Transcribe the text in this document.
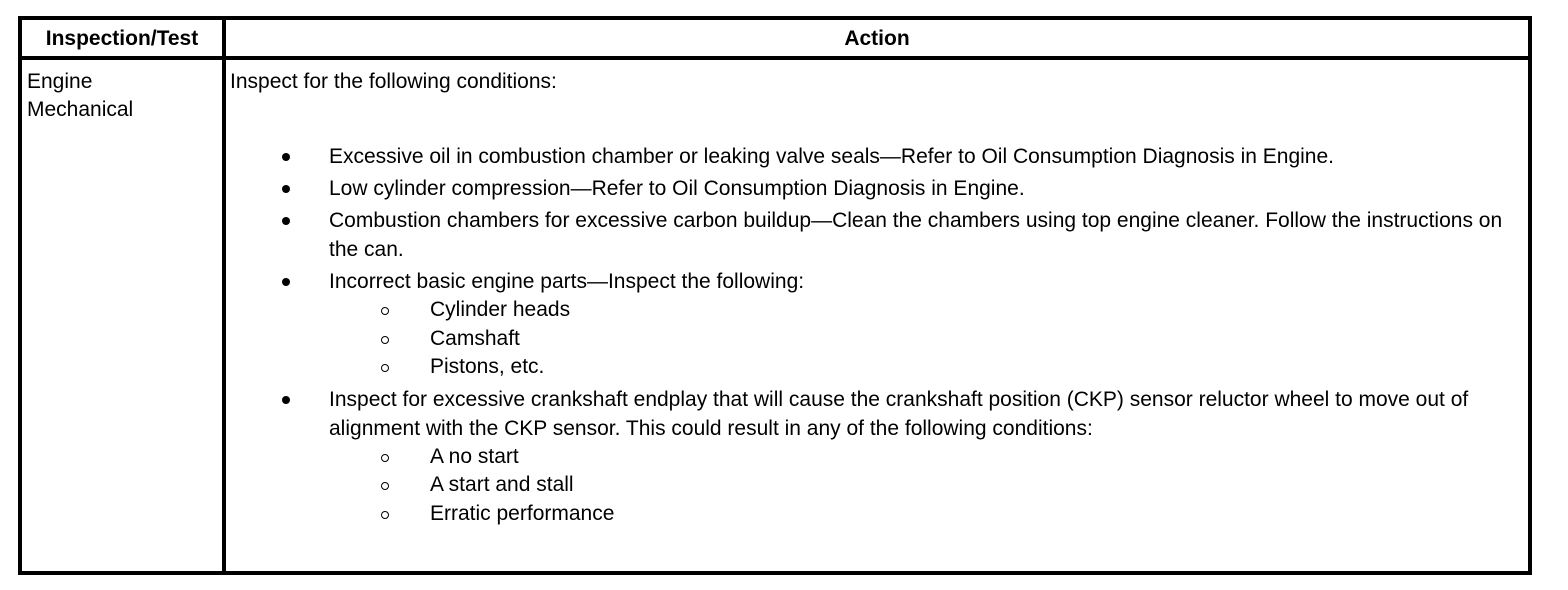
Inspection/Test	Action
Engine
Mechanical

Inspect for the following conditions:

Excessive oil in combustion chamber or leaking valve seals—Refer to Oil Consumption Diagnosis in Engine.
Low cylinder compression—Refer to Oil Consumption Diagnosis in Engine.
Combustion chambers for excessive carbon buildup—Clean the chambers using top engine cleaner. Follow the instructions on the can.
Incorrect basic engine parts—Inspect the following:
Cylinder heads
Camshaft
Pistons, etc.
Inspect for excessive crankshaft endplay that will cause the crankshaft position (CKP) sensor reluctor wheel to move out of alignment with the CKP sensor. This could result in any of the following conditions:
A no start
A start and stall
Erratic performance
